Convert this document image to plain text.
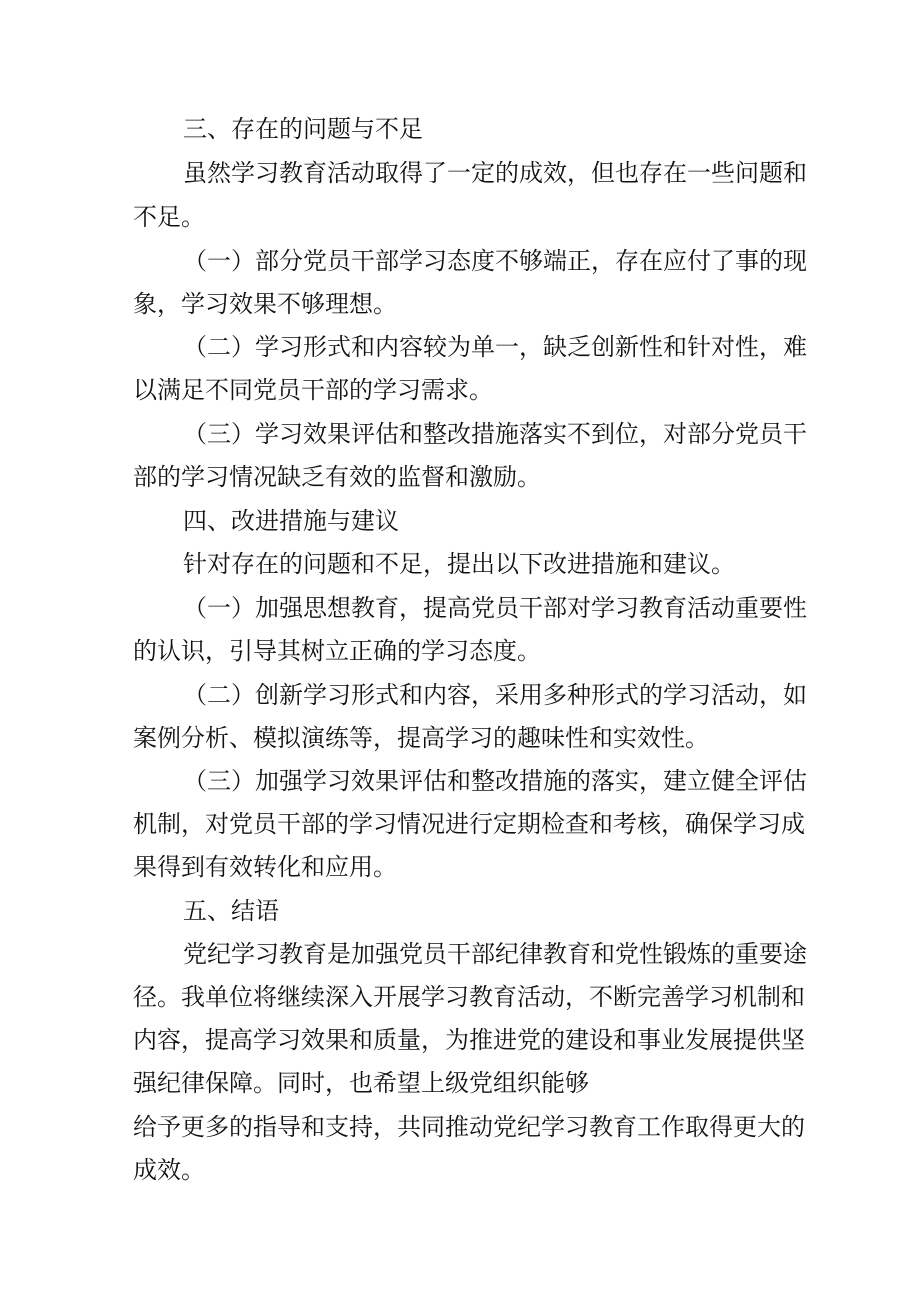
三、存在的问题与不足
虽然学习教育活动取得了一定的成效，但也存在一些问题和
不足。
（一）部分党员干部学习态度不够端正，存在应付了事的现
象，学习效果不够理想。
（二）学习形式和内容较为单一，缺乏创新性和针对性，难
以满足不同党员干部的学习需求。
（三）学习效果评估和整改措施落实不到位，对部分党员干
部的学习情况缺乏有效的监督和激励。
四、改进措施与建议
针对存在的问题和不足，提出以下改进措施和建议。
（一）加强思想教育，提高党员干部对学习教育活动重要性
的认识，引导其树立正确的学习态度。
（二）创新学习形式和内容，采用多种形式的学习活动，如
案例分析、模拟演练等，提高学习的趣味性和实效性。
（三）加强学习效果评估和整改措施的落实，建立健全评估
机制，对党员干部的学习情况进行定期检查和考核，确保学习成
果得到有效转化和应用。
五、结语
党纪学习教育是加强党员干部纪律教育和党性锻炼的重要途
径。我单位将继续深入开展学习教育活动，不断完善学习机制和
内容，提高学习效果和质量，为推进党的建设和事业发展提供坚
强纪律保障。同时，也希望上级党组织能够
给予更多的指导和支持，共同推动党纪学习教育工作取得更大的
成效。
